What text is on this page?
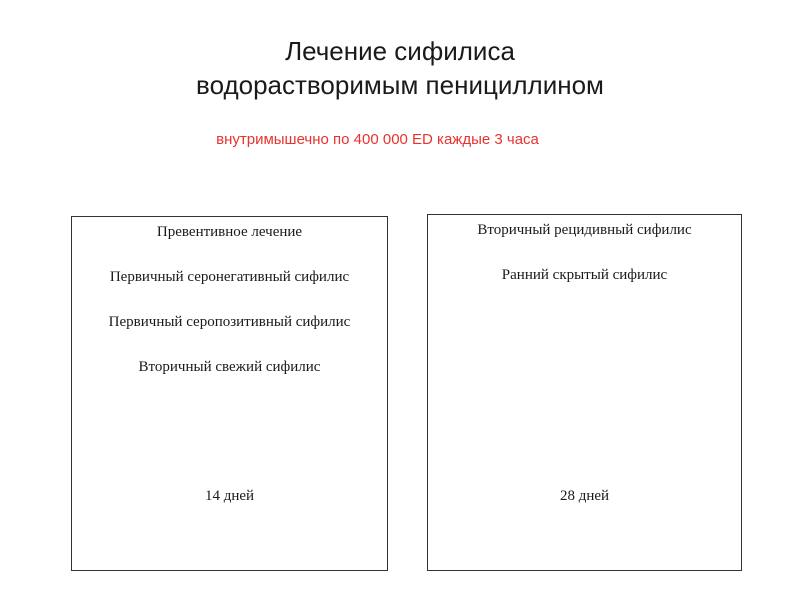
Лечение сифилиса
водорастворимым пенициллином

внутримышечно по 400 000 ED каждые 3 часа

Превентивное лечение
Первичный серонегативный сифилис
Первичный серопозитивный сифилис
Вторичный свежий сифилис
14 дней
Вторичный рецидивный сифилис
Ранний скрытый сифилис
28 дней
